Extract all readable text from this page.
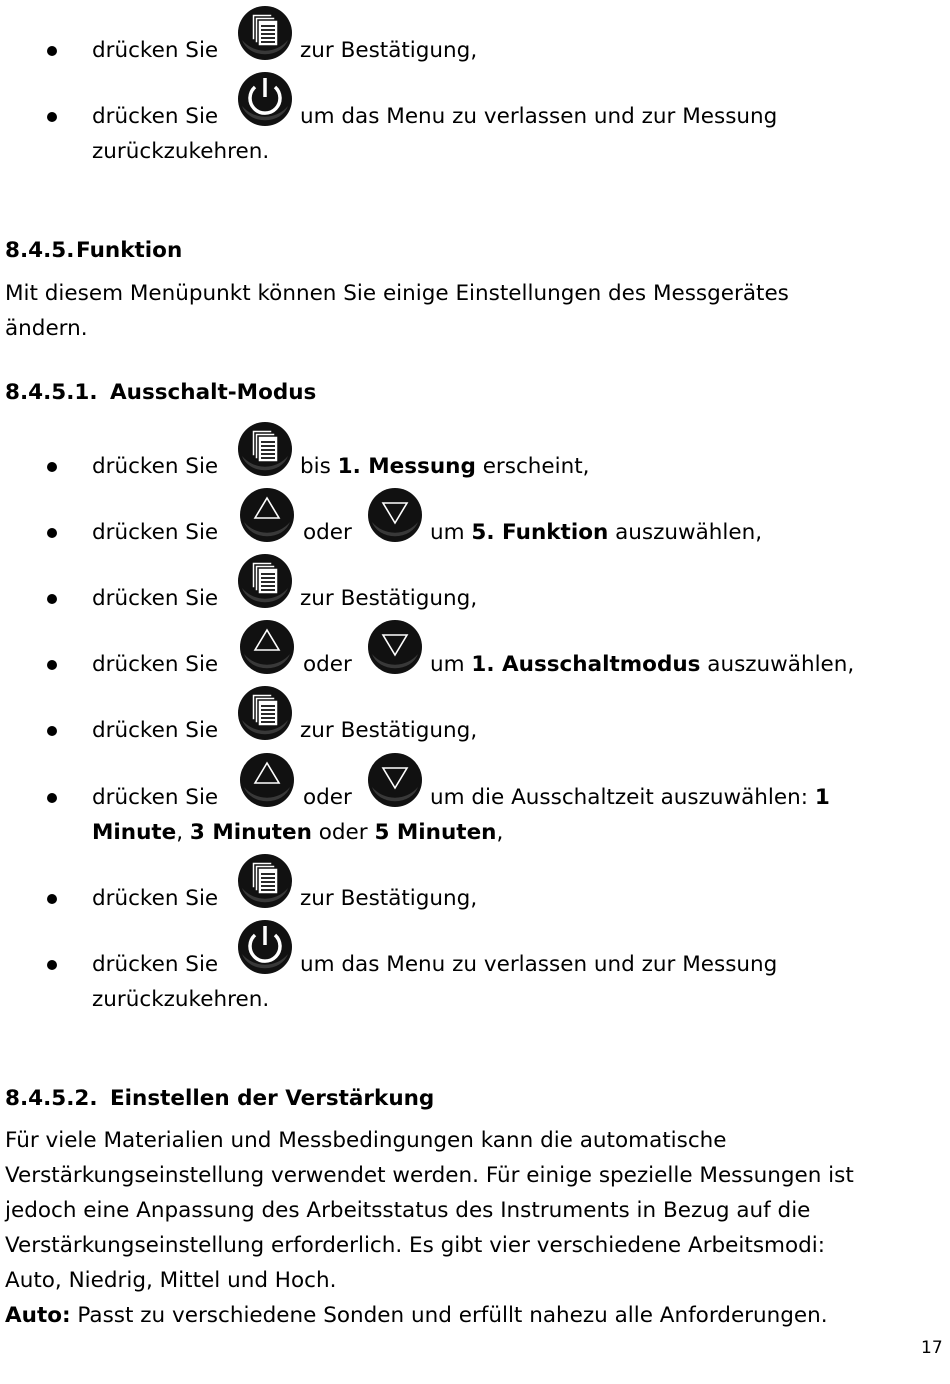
drücken Sie	zur Bestätigung,
drücken Sie	um das Menu zu verlassen und zur Messung
zurückzukehren.
8.4.5. Funktion
Mit diesem Menüpunkt können Sie einige Einstellungen des Messgerätes
ändern.
8.4.5.1. Ausschalt-Modus
drücken Sie	bis 1. Messung erscheint,
drücken Sie	oder	um 5. Funktion auszuwählen,
drücken Sie	zur Bestätigung,
drücken Sie	oder	um 1. Ausschaltmodus auszuwählen,
drücken Sie	zur Bestätigung,
drücken Sie	oder	um die Ausschaltzeit auszuwählen: 1
Minute, 3 Minuten oder 5 Minuten,
drücken Sie	zur Bestätigung,
drücken Sie	um das Menu zu verlassen und zur Messung
zurückzukehren.
8.4.5.2. Einstellen der Verstärkung
Für viele Materialien und Messbedingungen kann die automatische
Verstärkungseinstellung verwendet werden. Für einige spezielle Messungen ist
jedoch eine Anpassung des Arbeitsstatus des Instruments in Bezug auf die
Verstärkungseinstellung erforderlich. Es gibt vier verschiedene Arbeitsmodi:
Auto, Niedrig, Mittel und Hoch.
Auto: Passt zu verschiedene Sonden und erfüllt nahezu alle Anforderungen.
17
